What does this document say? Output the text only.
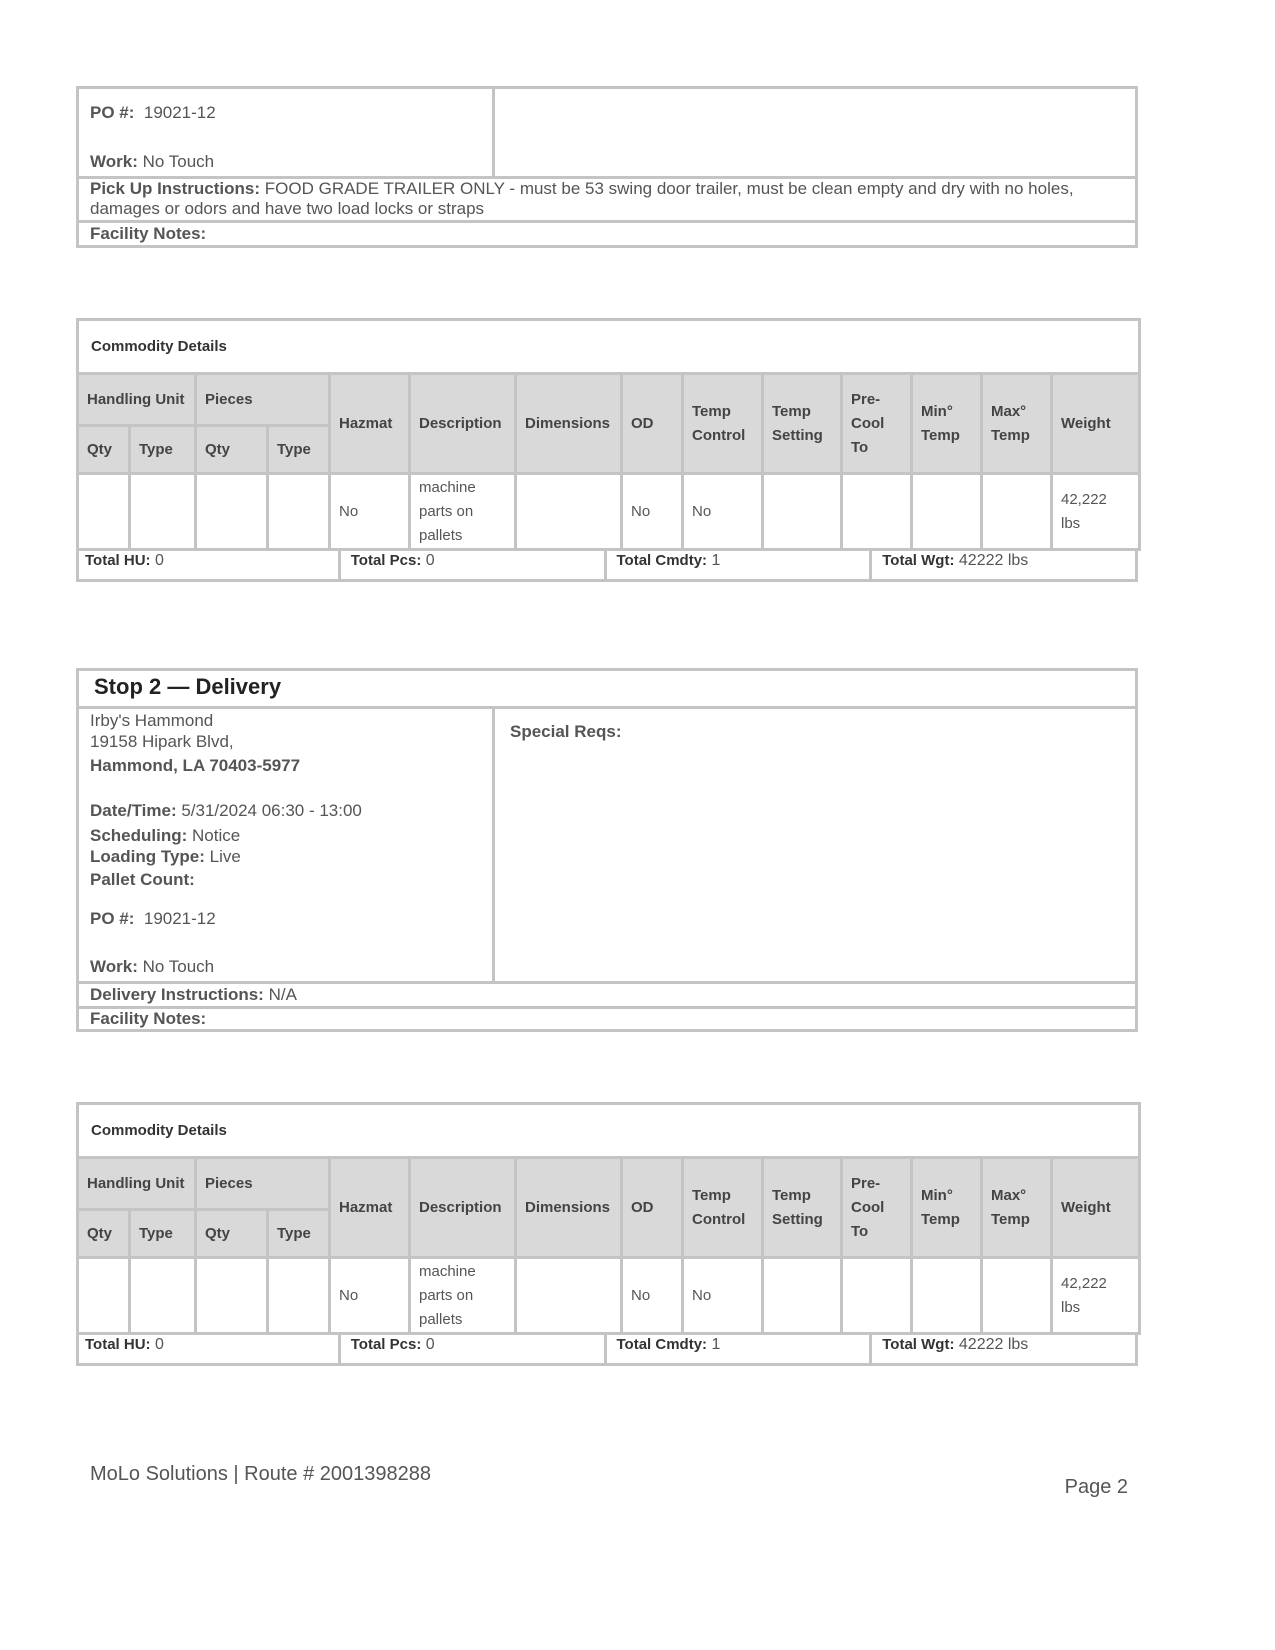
PO #: 19021-12
Work: No Touch
Pick Up Instructions: FOOD GRADE TRAILER ONLY - must be 53 swing door trailer, must be clean empty and dry with no holes, damages or odors and have two load locks or straps
Facility Notes:
Commodity Details													
Handling Unit		Pieces		Hazmat	Description	Dimensions	OD	Temp Control	Temp Setting	Pre-Cool To	Min° Temp	Max° Temp	Weight
Qty	Type	Qty	Type										
				No	machine parts on pallets		No	No					42,222 lbs
Total HU: 0	Total Pcs: 0	Total Cmdty: 1	Total Wgt: 42222 lbs
Stop 2 — Delivery
Irby's Hammond
19158 Hipark Blvd,
Hammond, LA 70403-5977
Date/Time: 5/31/2024 06:30 - 13:00
Scheduling: Notice
Loading Type: Live
Pallet Count:
PO #: 19021-12
Work: No Touch
Special Reqs:
Delivery Instructions: N/A
Facility Notes:
Commodity Details													
Handling Unit		Pieces		Hazmat	Description	Dimensions	OD	Temp Control	Temp Setting	Pre-Cool To	Min° Temp	Max° Temp	Weight
Qty	Type	Qty	Type										
				No	machine parts on pallets		No	No					42,222 lbs
Total HU: 0	Total Pcs: 0	Total Cmdty: 1	Total Wgt: 42222 lbs
MoLo Solutions | Route # 2001398288
Page 2
